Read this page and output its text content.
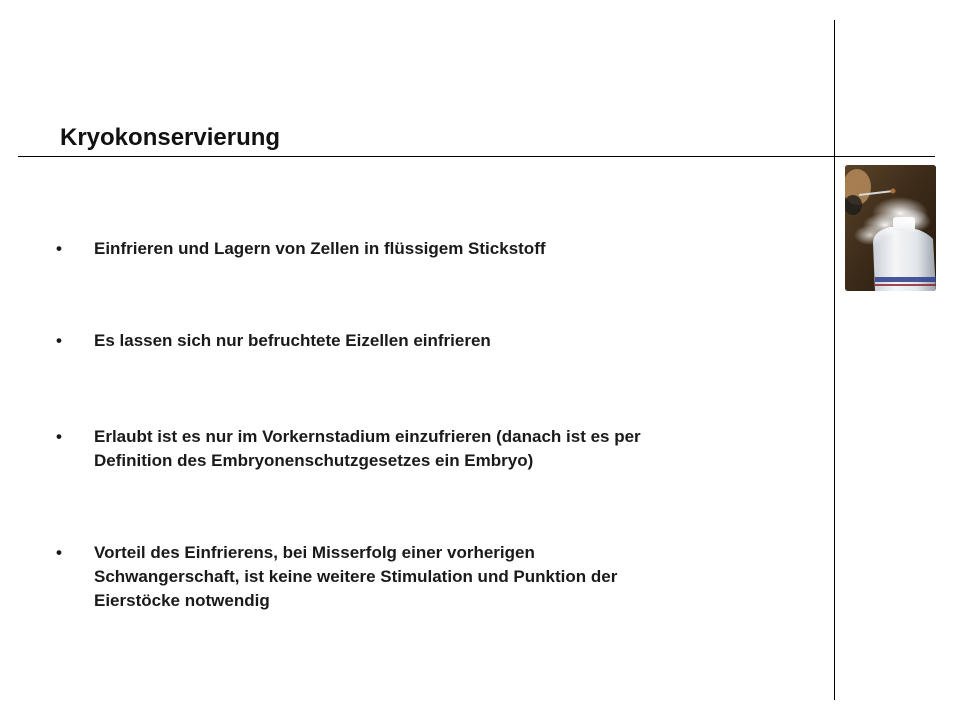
Kryokonservierung
•	Einfrieren und Lagern von Zellen in flüssigem Stickstoff
•	Es lassen sich nur befruchtete Eizellen einfrieren
•	Erlaubt ist es nur im Vorkernstadium einzufrieren (danach ist es per
Definition des Embryonenschutzgesetzes ein Embryo)
•	Vorteil des Einfrierens, bei Misserfolg einer vorherigen
Schwangerschaft, ist keine weitere Stimulation und Punktion der
Eierstöcke notwendig
